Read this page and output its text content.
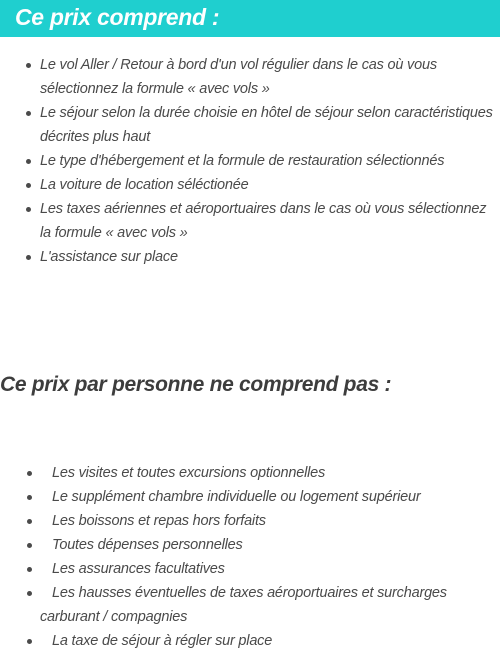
Ce prix comprend :
Le vol Aller / Retour à bord d'un vol régulier dans le cas où vous sélectionnez la formule « avec vols »
Le séjour selon la durée choisie en hôtel de séjour selon caractéristiques décrites plus haut
Le type d'hébergement et la formule de restauration sélectionnés
La voiture de location séléctionée
Les taxes aériennes et aéroportuaires dans le cas où vous sélectionnez la formule « avec vols »
L'assistance sur place
Ce prix par personne ne comprend pas :
Les visites et toutes excursions optionnelles
Le supplément chambre individuelle ou logement supérieur
Les boissons et repas hors forfaits
Toutes dépenses personnelles
Les assurances facultatives
Les hausses éventuelles de taxes aéroportuaires et surcharges carburant / compagnies
La taxe de séjour à régler sur place
